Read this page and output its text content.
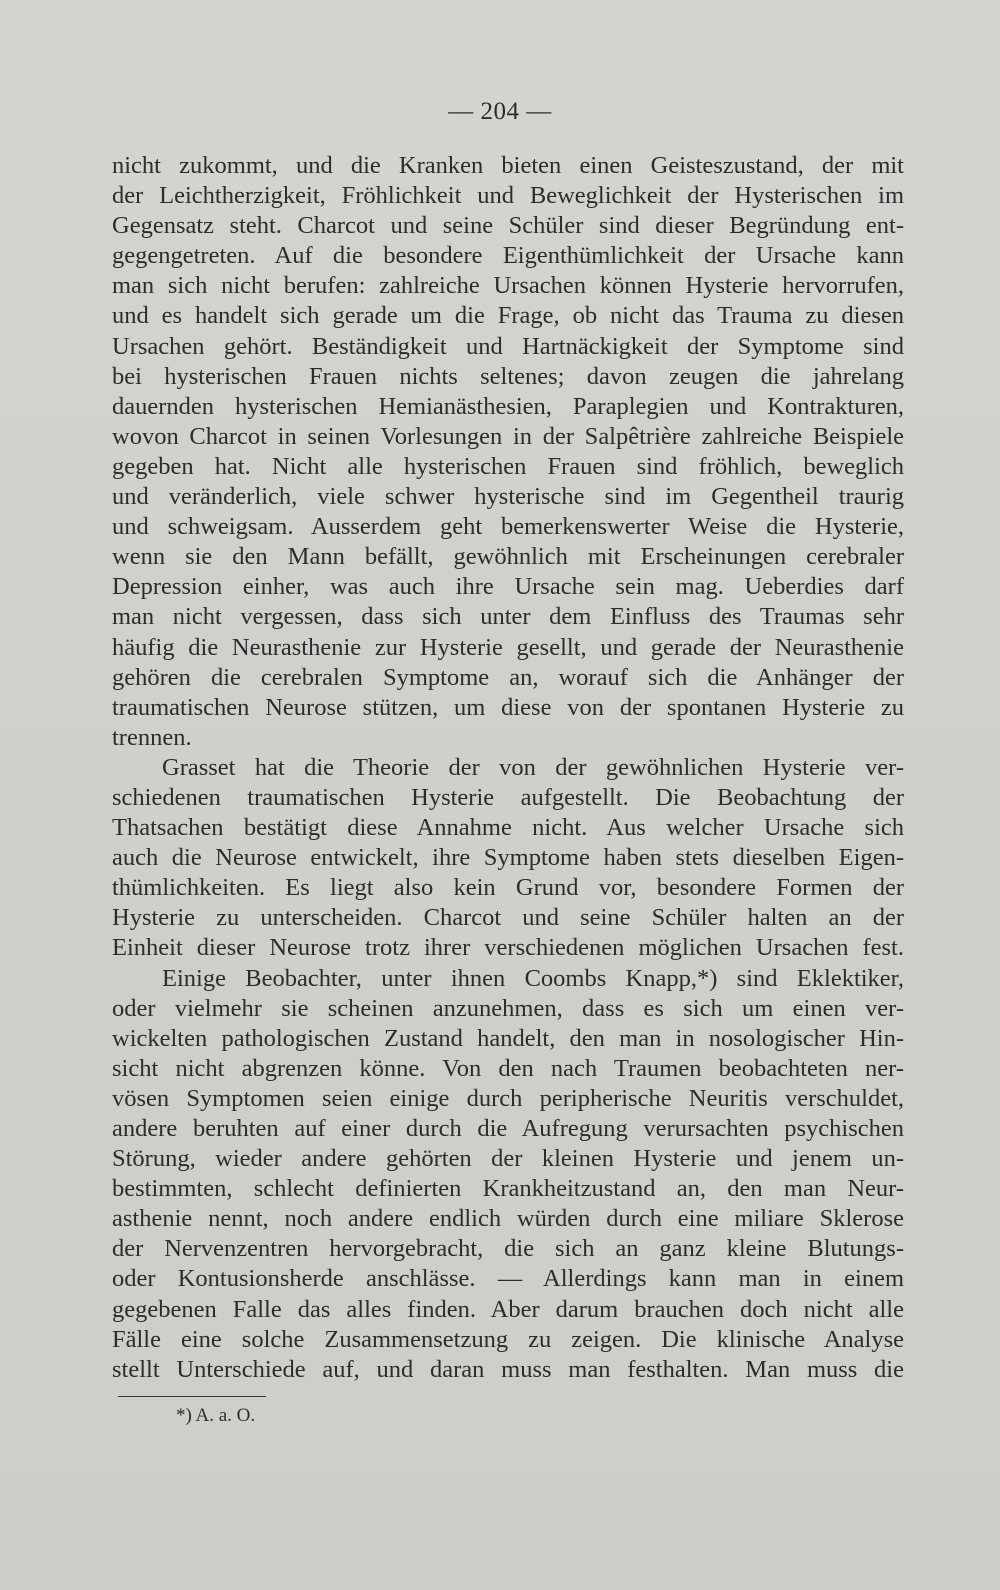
— 204 —
nicht zukommt, und die Kranken bieten einen Geisteszustand, der mit
der Leichtherzigkeit, Fröhlichkeit und Beweglichkeit der Hysterischen im
Gegensatz steht. Charcot und seine Schüler sind dieser Begründung ent-
gegengetreten. Auf die besondere Eigenthümlichkeit der Ursache kann
man sich nicht berufen: zahlreiche Ursachen können Hysterie hervorrufen,
und es handelt sich gerade um die Frage, ob nicht das Trauma zu diesen
Ursachen gehört. Beständigkeit und Hartnäckigkeit der Symptome sind
bei hysterischen Frauen nichts seltenes; davon zeugen die jahrelang
dauernden hysterischen Hemianästhesien, Paraplegien und Kontrakturen,
wovon Charcot in seinen Vorlesungen in der Salpêtrière zahlreiche Beispiele
gegeben hat. Nicht alle hysterischen Frauen sind fröhlich, beweglich
und veränderlich, viele schwer hysterische sind im Gegentheil traurig
und schweigsam. Ausserdem geht bemerkenswerter Weise die Hysterie,
wenn sie den Mann befällt, gewöhnlich mit Erscheinungen cerebraler
Depression einher, was auch ihre Ursache sein mag. Ueberdies darf
man nicht vergessen, dass sich unter dem Einfluss des Traumas sehr
häufig die Neurasthenie zur Hysterie gesellt, und gerade der Neurasthenie
gehören die cerebralen Symptome an, worauf sich die Anhänger der
traumatischen Neurose stützen, um diese von der spontanen Hysterie zu
trennen.
Grasset hat die Theorie der von der gewöhnlichen Hysterie ver-
schiedenen traumatischen Hysterie aufgestellt. Die Beobachtung der
Thatsachen bestätigt diese Annahme nicht. Aus welcher Ursache sich
auch die Neurose entwickelt, ihre Symptome haben stets dieselben Eigen-
thümlichkeiten. Es liegt also kein Grund vor, besondere Formen der
Hysterie zu unterscheiden. Charcot und seine Schüler halten an der
Einheit dieser Neurose trotz ihrer verschiedenen möglichen Ursachen fest.
Einige Beobachter, unter ihnen Coombs Knapp,*) sind Eklektiker,
oder vielmehr sie scheinen anzunehmen, dass es sich um einen ver-
wickelten pathologischen Zustand handelt, den man in nosologischer Hin-
sicht nicht abgrenzen könne. Von den nach Traumen beobachteten ner-
vösen Symptomen seien einige durch peripherische Neuritis verschuldet,
andere beruhten auf einer durch die Aufregung verursachten psychischen
Störung, wieder andere gehörten der kleinen Hysterie und jenem un-
bestimmten, schlecht definierten Krankheitzustand an, den man Neur-
asthenie nennt, noch andere endlich würden durch eine miliare Sklerose
der Nervenzentren hervorgebracht, die sich an ganz kleine Blutungs-
oder Kontusionsherde anschlässe. — Allerdings kann man in einem
gegebenen Falle das alles finden. Aber darum brauchen doch nicht alle
Fälle eine solche Zusammensetzung zu zeigen. Die klinische Analyse
stellt Unterschiede auf, und daran muss man festhalten. Man muss die
*) A. a. O.
